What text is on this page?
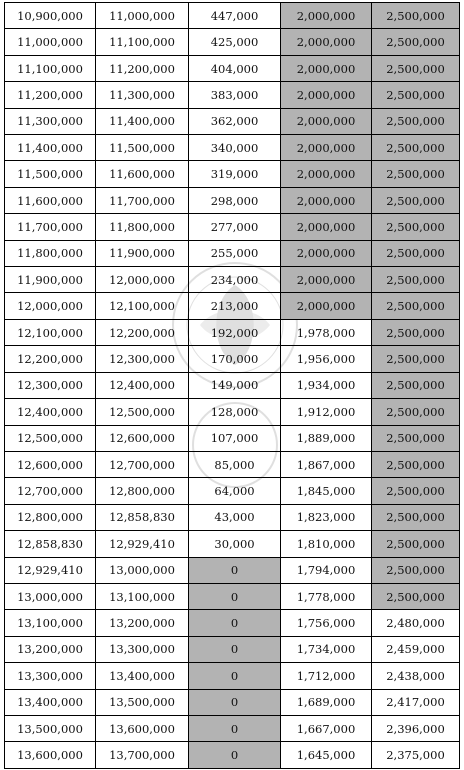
10,900,000	11,000,000	447,000	2,000,000	2,500,000
11,000,000	11,100,000	425,000	2,000,000	2,500,000
11,100,000	11,200,000	404,000	2,000,000	2,500,000
11,200,000	11,300,000	383,000	2,000,000	2,500,000
11,300,000	11,400,000	362,000	2,000,000	2,500,000
11,400,000	11,500,000	340,000	2,000,000	2,500,000
11,500,000	11,600,000	319,000	2,000,000	2,500,000
11,600,000	11,700,000	298,000	2,000,000	2,500,000
11,700,000	11,800,000	277,000	2,000,000	2,500,000
11,800,000	11,900,000	255,000	2,000,000	2,500,000
11,900,000	12,000,000	234,000	2,000,000	2,500,000
12,000,000	12,100,000	213,000	2,000,000	2,500,000
12,100,000	12,200,000	192,000	1,978,000	2,500,000
12,200,000	12,300,000	170,000	1,956,000	2,500,000
12,300,000	12,400,000	149,000	1,934,000	2,500,000
12,400,000	12,500,000	128,000	1,912,000	2,500,000
12,500,000	12,600,000	107,000	1,889,000	2,500,000
12,600,000	12,700,000	85,000	1,867,000	2,500,000
12,700,000	12,800,000	64,000	1,845,000	2,500,000
12,800,000	12,858,830	43,000	1,823,000	2,500,000
12,858,830	12,929,410	30,000	1,810,000	2,500,000
12,929,410	13,000,000	0	1,794,000	2,500,000
13,000,000	13,100,000	0	1,778,000	2,500,000
13,100,000	13,200,000	0	1,756,000	2,480,000
13,200,000	13,300,000	0	1,734,000	2,459,000
13,300,000	13,400,000	0	1,712,000	2,438,000
13,400,000	13,500,000	0	1,689,000	2,417,000
13,500,000	13,600,000	0	1,667,000	2,396,000
13,600,000	13,700,000	0	1,645,000	2,375,000
